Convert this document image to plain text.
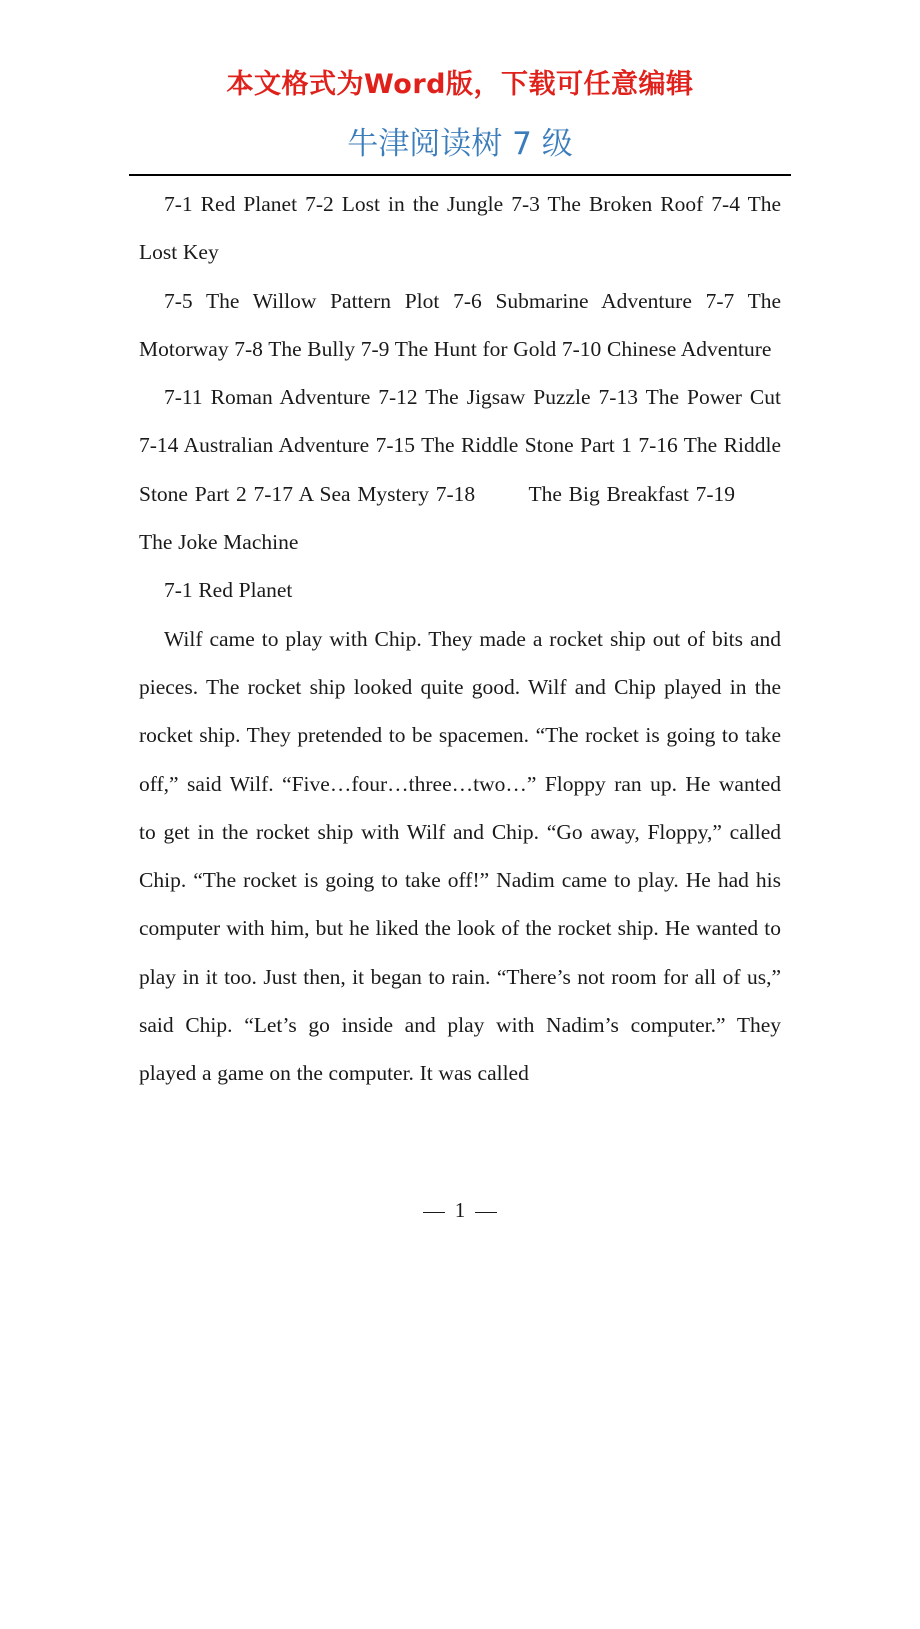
本文格式为Word版，下载可任意编辑
牛津阅读树 7 级

7-1 Red Planet 7-2 Lost in the Jungle 7-3 The Broken Roof 7-4 The Lost Key

7-5 The Willow Pattern Plot 7-6 Submarine Adventure 7-7 The Motorway 7-8 The Bully 7-9 The Hunt for Gold 7-10 Chinese Adventure

7-11 Roman Adventure 7-12 The Jigsaw Puzzle 7-13 The Power Cut 7-14 Australian Adventure 7-15 The Riddle Stone Part 1 7-16 The Riddle Stone Part 2 7-17 A Sea Mystery 7-18        The Big Breakfast 7-19        The Joke Machine

7-1 Red Planet

Wilf came to play with Chip. They made a rocket ship out of bits and pieces. The rocket ship looked quite good. Wilf and Chip played in the rocket ship. They pretended to be spacemen. “The rocket is going to take off,” said Wilf. “Five…four…three…two…” Floppy ran up. He wanted to get in the rocket ship with Wilf and Chip. “Go away, Floppy,” called Chip. “The rocket is going to take off!” Nadim came to play. He had his computer with him, but he liked the look of the rocket ship. He wanted to play in it too. Just then, it began to rain. “There’s not room for all of us,” said Chip. “Let’s go inside and play with Nadim’s computer.” They played a game on the computer. It was called

1
